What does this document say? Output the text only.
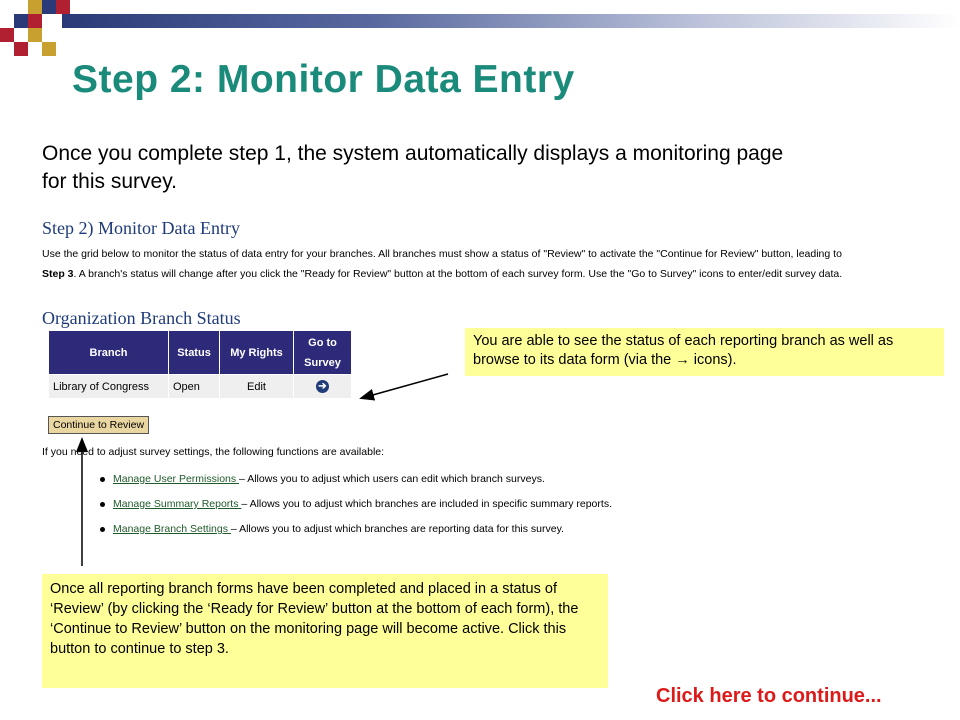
Step 2: Monitor Data Entry
Once you complete step 1, the system automatically displays a monitoring page for this survey.
Step 2) Monitor Data Entry
Use the grid below to monitor the status of data entry for your branches. All branches must show a status of "Review" to activate the "Continue for Review" button, leading to Step 3. A branch's status will change after you click the "Ready for Review" button at the bottom of each survey form. Use the "Go to Survey" icons to enter/edit survey data.
Organization Branch Status
Branch	Status	My Rights	Go to Survey
Library of Congress	Open	Edit	➔
Continue to Review
If you need to adjust survey settings, the following functions are available:
Manage User Permissions – Allows you to adjust which users can edit which branch surveys.
Manage Summary Reports – Allows you to adjust which branches are included in specific summary reports.
Manage Branch Settings – Allows you to adjust which branches are reporting data for this survey.
You are able to see the status of each reporting branch as well as browse to its data form (via the → icons).
Once all reporting branch forms have been completed and placed in a status of ‘Review’ (by clicking the ‘Ready for Review’ button at the bottom of each form), the ‘Continue to Review’ button on the monitoring page will become active. Click this button to continue to step 3.
Click here to continue...
